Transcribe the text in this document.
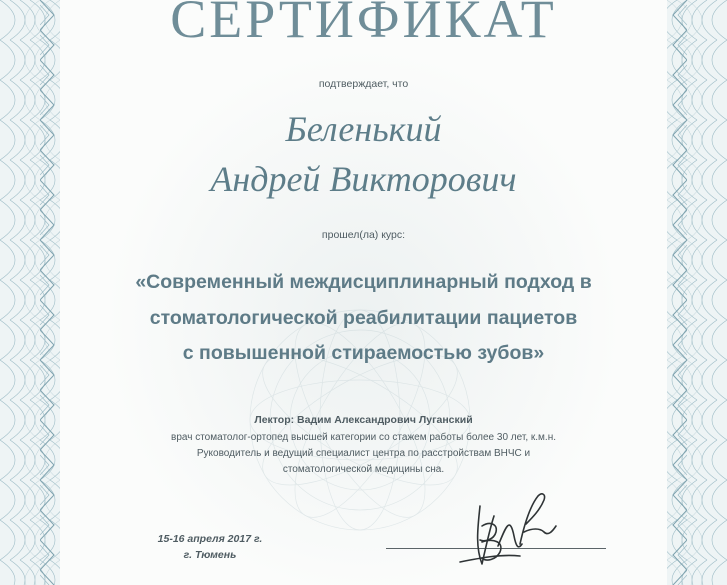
СЕРТИФИКАТ
подтверждает, что
Беленький
Андрей Викторович
прошел(ла) курс:
«Современный междисциплинарный подход в
стоматологической реабилитации пациетов
с повышенной стираемостью зубов»
Лектор: Вадим Александрович Луганский
врач стоматолог-ортопед высшей категории со стажем работы более 30 лет, к.м.н.
Руководитель и ведущий специалист центра по расстройствам ВНЧС и
стоматологической медицины сна.
15-16 апреля 2017 г.
г. Тюмень
